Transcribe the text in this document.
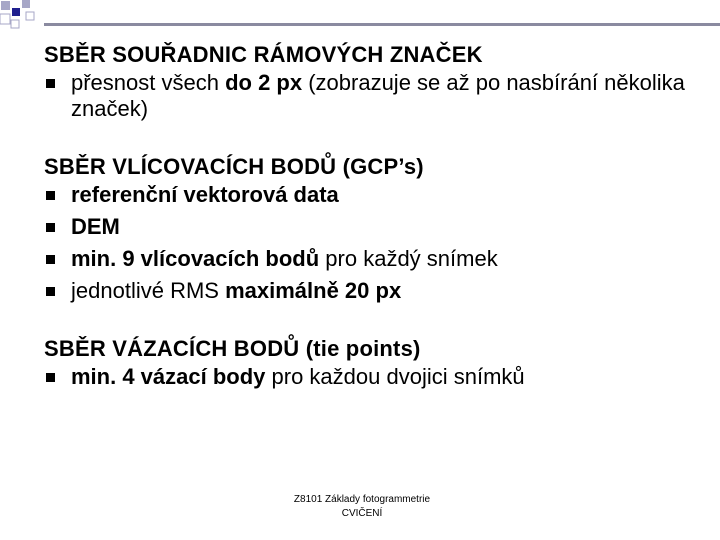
SBĚR SOUŘADNIC RÁMOVÝCH ZNAČEK
přesnost všech do 2 px (zobrazuje se až po nasbírání několika značek)
SBĚR VLÍCOVACÍCH BODŮ (GCP’s)
referenční vektorová data
DEM
min. 9 vlícovacích bodů pro každý snímek
jednotlivé RMS maximálně 20 px
SBĚR VÁZACÍCH BODŮ (tie points)
min. 4 vázací body pro každou dvojici snímků
Z8101 Základy fotogrammetrie
CVIČENÍ
